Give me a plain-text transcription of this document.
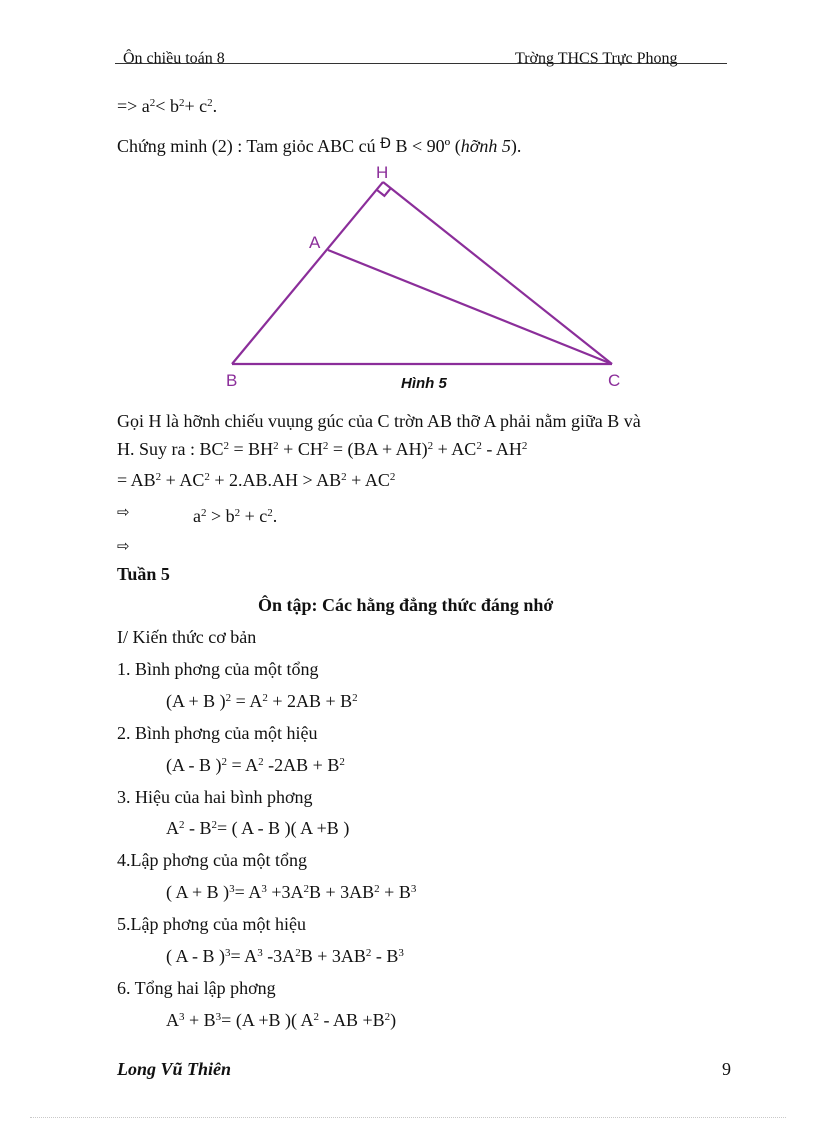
Ôn chiều toán 8	Trờng THCS Trực Phong
=> $a^2< b^2+ c^2$.
Chứng minh (2) : Tam giỏc ABC cú $^Ð$ B < 90º (hỡnh 5).
H
A
B	C
Hình 5
Gọi H là hỡnh chiếu vuụng gúc của C trờn AB thỡ A phải nằm giữa B và
H. Suy ra : $BC^2 = BH^2 + CH^2 = (BA + AH)^2 + AC^2 - AH^2$
= $AB^2 + AC^2 + 2.AB.AH > AB^2 + AC^2$
⇨	$a^2 > b^2 + c^2$.
⇨
Tuần 5
Ôn tập: Các hằng đẳng thức đáng nhớ
I/ Kiến thức cơ bản
1. Bình phơng của một tổng
(A + B )$^2 = A^2 + 2AB + B^2$
2. Bình phơng của một hiệu
(A - B )$^2 = A^2$ $-2AB + B^2$
3. Hiệu của hai bình phơng
$A^2 - B^2=$ ( A - B )( A +B )
4.Lập phơng của một tổng
( A + B )$^3= A^3 +3A^2B + 3AB^2 + B^3$
5.Lập phơng của một hiệu
( A - B )$^3= A^3$ $-3A^2B + 3AB^2 - B^3$
6. Tổng hai lập phơng
$A^3 + B^3= (A +B$ )( $A^2$ - AB $+B^2$)
Long Vũ Thiên	9
